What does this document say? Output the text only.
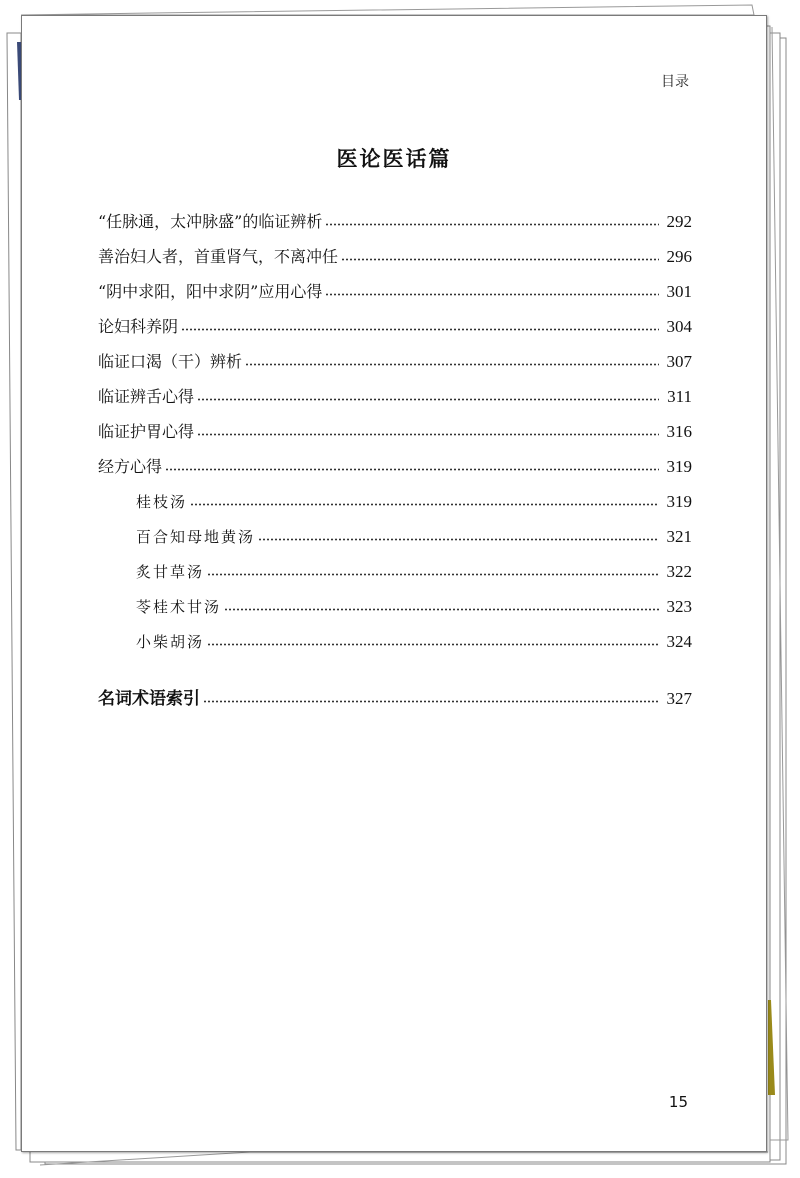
目录
医论医话篇
“任脉通，太冲脉盛”的临证辨析	292
善治妇人者，首重肾气，不离冲任	296
“阴中求阳，阳中求阴”应用心得	301
论妇科养阴	304
临证口渴（干）辨析	307
临证辨舌心得	311
临证护胃心得	316
经方心得	319
桂枝汤	319
百合知母地黄汤	321
炙甘草汤	322
苓桂术甘汤	323
小柴胡汤	324
名词术语索引	327
15
